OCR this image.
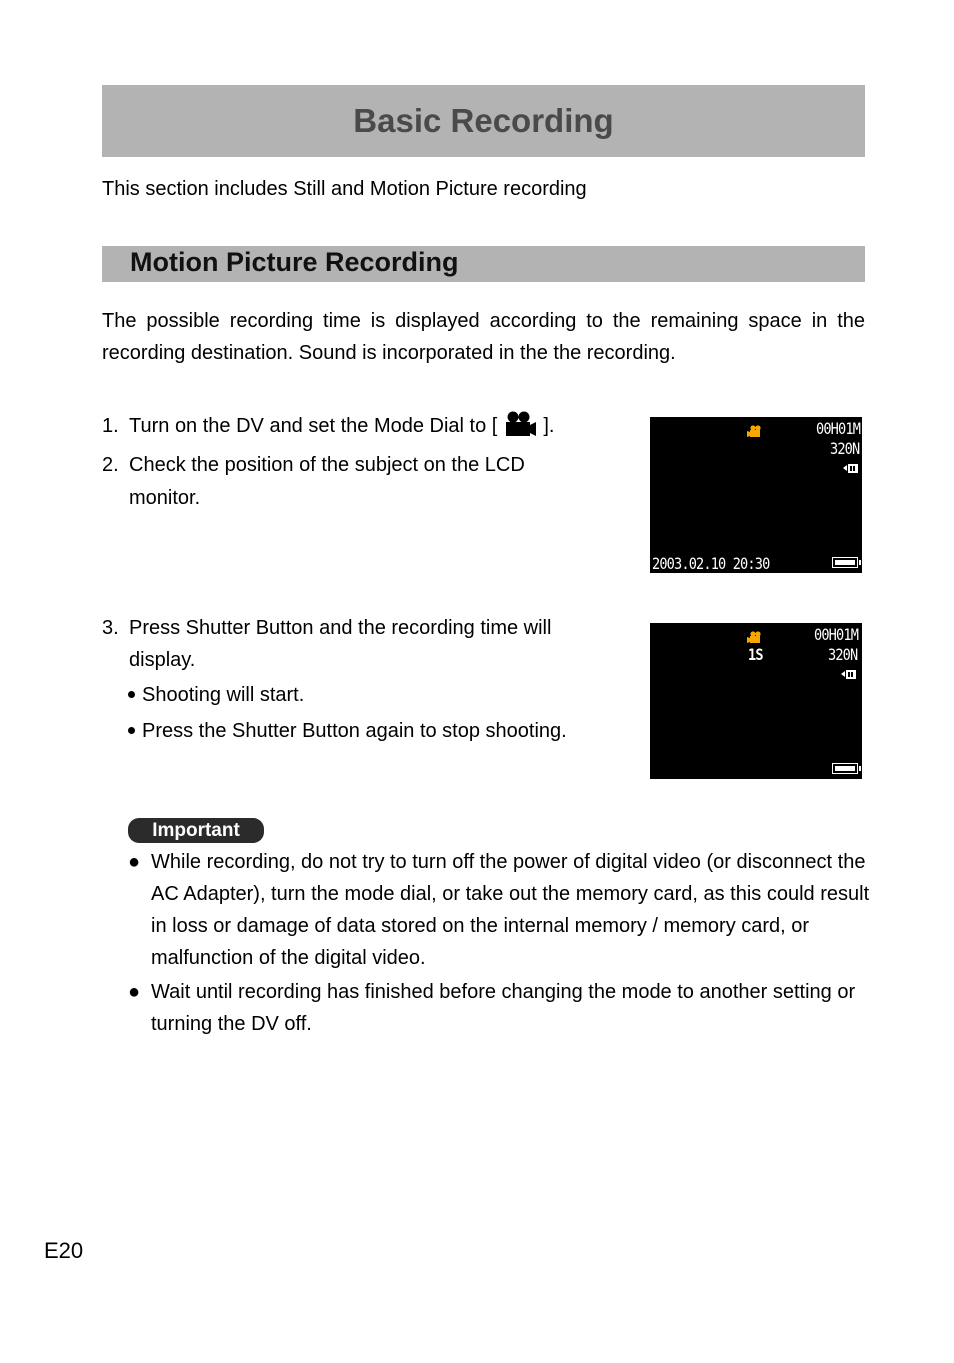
Basic Recording
This section includes Still and Motion Picture recording
Motion Picture Recording
The possible recording time is displayed according to the remaining space in the recording destination. Sound is incorporated in the the recording.
1. Turn on the DV and set the Mode Dial to [ ].
2. Check the position of the subject on the LCD
monitor.
00H01M
320N
2003.02.10 20:30
3. Press Shutter Button and the recording time will
display.
Shooting will start.
Press the Shutter Button again to stop shooting.
1S
00H01M
320N
Important
● While recording, do not try to turn off the power of digital video (or disconnect the AC Adapter), turn the mode dial, or take out the memory card, as this could result in loss or damage of data stored on the internal memory / memory card, or malfunction of the digital video.
● Wait until recording has finished before changing the mode to another setting or turning the DV off.
E20
